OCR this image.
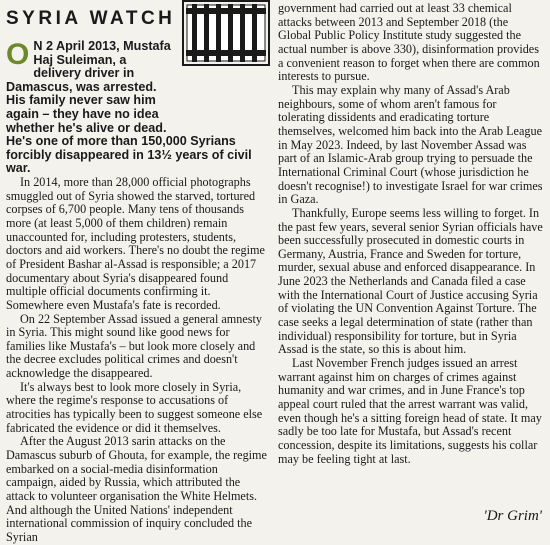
SYRIA WATCH

O N 2 April 2013, Mustafa Haj Suleiman, a delivery driver in Damascus, was arrested. His family never saw him again – they have no idea whether he's alive or dead.

He's one of more than 150,000 Syrians forcibly disappeared in 13½ years of civil war.

In 2014, more than 28,000 official photographs smuggled out of Syria showed the starved, tortured corpses of 6,700 people. Many tens of thousands more (at least 5,000 of them children) remain unaccounted for, including protesters, students, doctors and aid workers. There's no doubt the regime of President Bashar al-Assad is responsible; a 2017 documentary about Syria's disappeared found multiple official documents confirming it. Somewhere even Mustafa's fate is recorded.

On 22 September Assad issued a general amnesty in Syria. This might sound like good news for families like Mustafa's – but look more closely and the decree excludes political crimes and doesn't acknowledge the disappeared.

It's always best to look more closely in Syria, where the regime's response to accusations of atrocities has typically been to suggest someone else fabricated the evidence or did it themselves.

After the August 2013 sarin attacks on the Damascus suburb of Ghouta, for example, the regime embarked on a social-media disinformation campaign, aided by Russia, which attributed the attack to volunteer organisation the White Helmets. And although the United Nations' independent international commission of inquiry concluded the Syrian

government had carried out at least 33 chemical attacks between 2013 and September 2018 (the Global Public Policy Institute study suggested the actual number is above 330), disinformation provides a convenient reason to forget when there are common interests to pursue.

This may explain why many of Assad's Arab neighbours, some of whom aren't famous for tolerating dissidents and eradicating torture themselves, welcomed him back into the Arab League in May 2023. Indeed, by last November Assad was part of an Islamic-Arab group trying to persuade the International Criminal Court (whose jurisdiction he doesn't recognise!) to investigate Israel for war crimes in Gaza.

Thankfully, Europe seems less willing to forget. In the past few years, several senior Syrian officials have been successfully prosecuted in domestic courts in Germany, Austria, France and Sweden for torture, murder, sexual abuse and enforced disappearance. In June 2023 the Netherlands and Canada filed a case with the International Court of Justice accusing Syria of violating the UN Convention Against Torture. The case seeks a legal determination of state (rather than individual) responsibility for torture, but in Syria Assad is the state, so this is about him.

Last November French judges issued an arrest warrant against him on charges of crimes against humanity and war crimes, and in June France's top appeal court ruled that the arrest warrant was valid, even though he's a sitting foreign head of state. It may sadly be too late for Mustafa, but Assad's recent concession, despite its limitations, suggests his collar may be feeling tight at last.

'Dr Grim'
